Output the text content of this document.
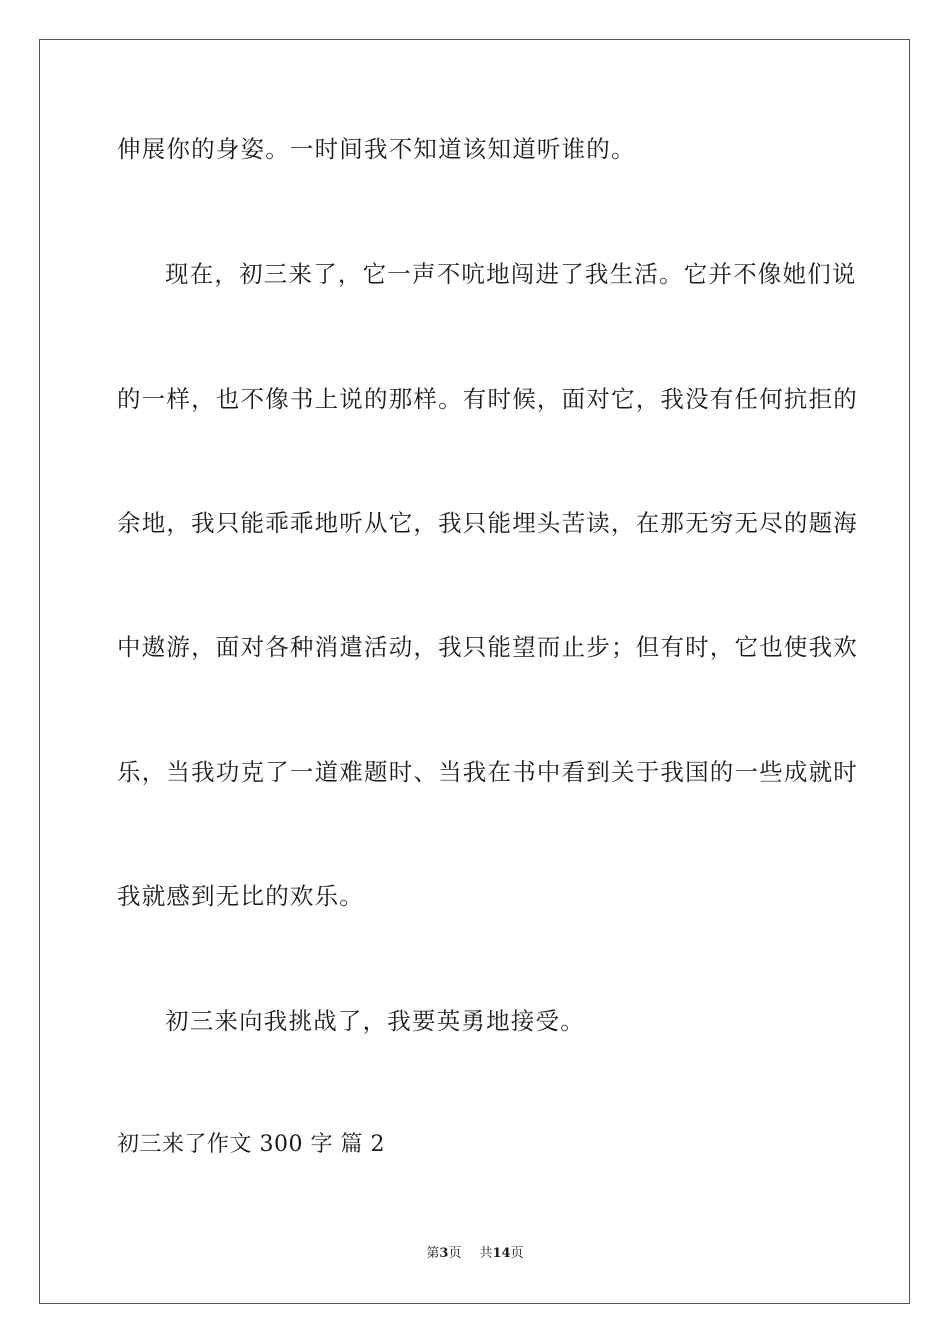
伸展你的身姿。一时间我不知道该知道听谁的。
现在，初三来了，它一声不吭地闯进了我生活。它并不像她们说
的一样，也不像书上说的那样。有时候，面对它，我没有任何抗拒的
余地，我只能乖乖地听从它，我只能埋头苦读，在那无穷无尽的题海
中遨游，面对各种消遣活动，我只能望而止步；但有时，它也使我欢
乐，当我功克了一道难题时、当我在书中看到关于我国的一些成就时
我就感到无比的欢乐。
初三来向我挑战了，我要英勇地接受。
初三来了作文 300 字 篇 2
第3页 共14页
